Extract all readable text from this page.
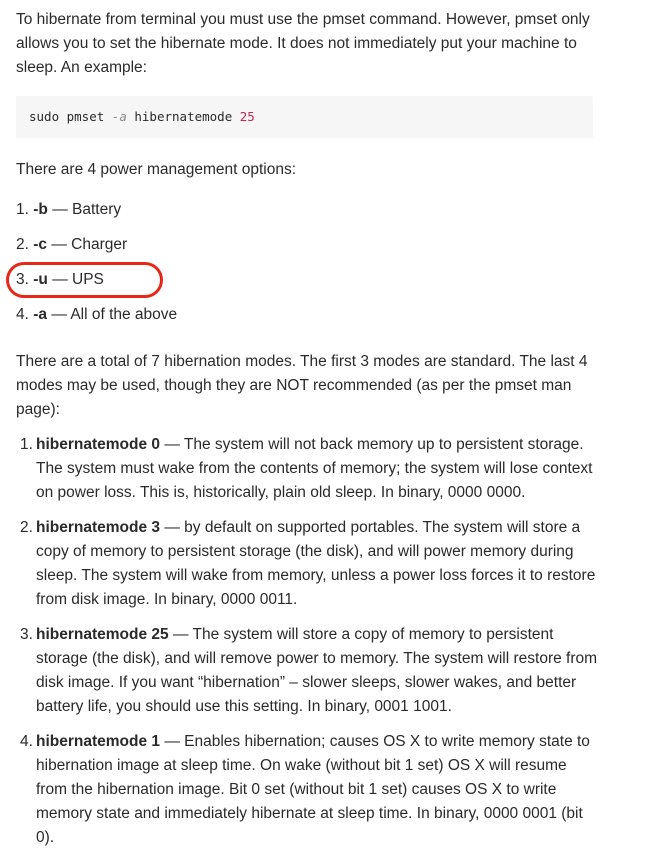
To hibernate from terminal you must use the pmset command. However, pmset only allows you to set the hibernate mode. It does not immediately put your machine to sleep. An example:

sudo pmset -a hibernatemode 25

There are 4 power management options:

1. -b — Battery
2. -c — Charger
3. -u — UPS
4. -a — All of the above

There are a total of 7 hibernation modes. The first 3 modes are standard. The last 4 modes may be used, though they are NOT recommended (as per the pmset man page):

1. hibernatemode 0 — The system will not back memory up to persistent storage. The system must wake from the contents of memory; the system will lose context on power loss. This is, historically, plain old sleep. In binary, 0000 0000.
2. hibernatemode 3 — by default on supported portables. The system will store a copy of memory to persistent storage (the disk), and will power memory during sleep. The system will wake from memory, unless a power loss forces it to restore from disk image. In binary, 0000 0011.
3. hibernatemode 25 — The system will store a copy of memory to persistent storage (the disk), and will remove power to memory. The system will restore from disk image. If you want “hibernation” – slower sleeps, slower wakes, and better battery life, you should use this setting. In binary, 0001 1001.
4. hibernatemode 1 — Enables hibernation; causes OS X to write memory state to hibernation image at sleep time. On wake (without bit 1 set) OS X will resume from the hibernation image. Bit 0 set (without bit 1 set) causes OS X to write memory state and immediately hibernate at sleep time. In binary, 0000 0001 (bit 0).
